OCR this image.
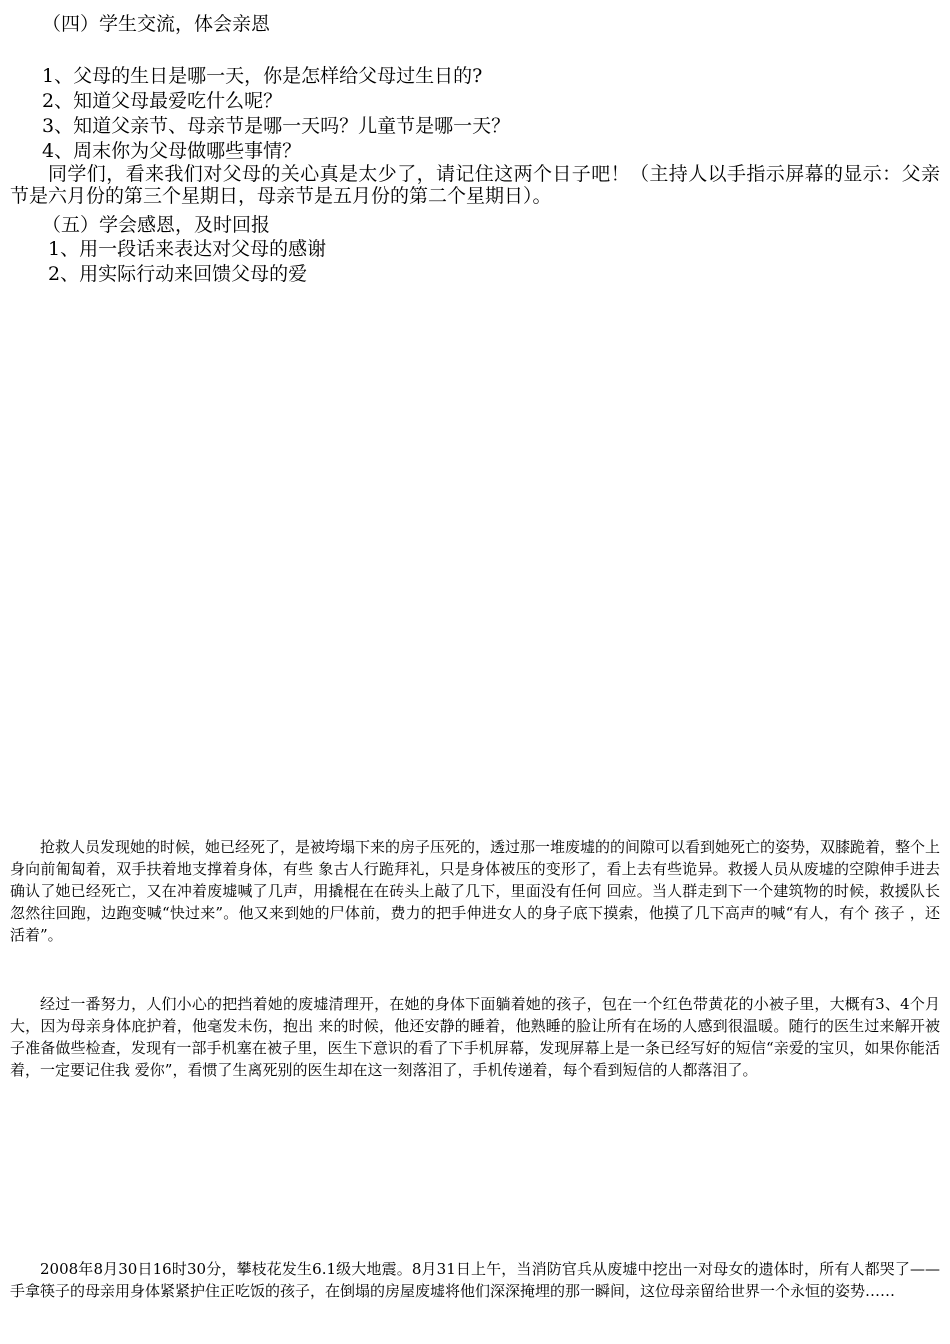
（四）学生交流，体会亲恩
1、父母的生日是哪一天，你是怎样给父母过生日的?
2、知道父母最爱吃什么呢？
3、知道父亲节、母亲节是哪一天吗？儿童节是哪一天？
4、周末你为父母做哪些事情？

同学们，看来我们对父母的关心真是太少了，请记住这两个日子吧！（主持人以手指示屏幕的显示：父亲节是六月份的第三个星期日，母亲节是五月份的第二个星期日）。

（五）学会感恩，及时回报
1、用一段话来表达对父母的感谢
2、用实际行动来回馈父母的爱

抢救人员发现她的时候，她已经死了，是被垮塌下来的房子压死的，透过那一堆废墟的的间隙可以看到她死亡的姿势，双膝跪着，整个上身向前匍匐着，双手扶着地支撑着身体，有些 象古人行跪拜礼，只是身体被压的变形了，看上去有些诡异。救援人员从废墟的空隙伸手进去确认了她已经死亡，又在冲着废墟喊了几声，用撬棍在在砖头上敲了几下，里面没有任何 回应。当人群走到下一个建筑物的时候，救援队长忽然往回跑，边跑变喊“快过来”。他又来到她的尸体前，费力的把手伸进女人的身子底下摸索，他摸了几下高声的喊“有人，有个 孩子 ，还活着”。

经过一番努力，人们小心的把挡着她的废墟清理开，在她的身体下面躺着她的孩子，包在一个红色带黄花的小被子里，大概有3、4个月大，因为母亲身体庇护着，他毫发未伤，抱出 来的时候，他还安静的睡着，他熟睡的脸让所有在场的人感到很温暖。随行的医生过来解开被子准备做些检查，发现有一部手机塞在被子里，医生下意识的看了下手机屏幕，发现屏幕上是一条已经写好的短信“亲爱的宝贝，如果你能活着，一定要记住我 爱你”，看惯了生离死别的医生却在这一刻落泪了，手机传递着，每个看到短信的人都落泪了。

2008年8月30日16时30分，攀枝花发生6.1级大地震。8月31日上午，当消防官兵从废墟中挖出一对母女的遗体时，所有人都哭了——手拿筷子的母亲用身体紧紧护住正吃饭的孩子，在倒塌的房屋废墟将他们深深掩埋的那一瞬间，这位母亲留给世界一个永恒的姿势……
